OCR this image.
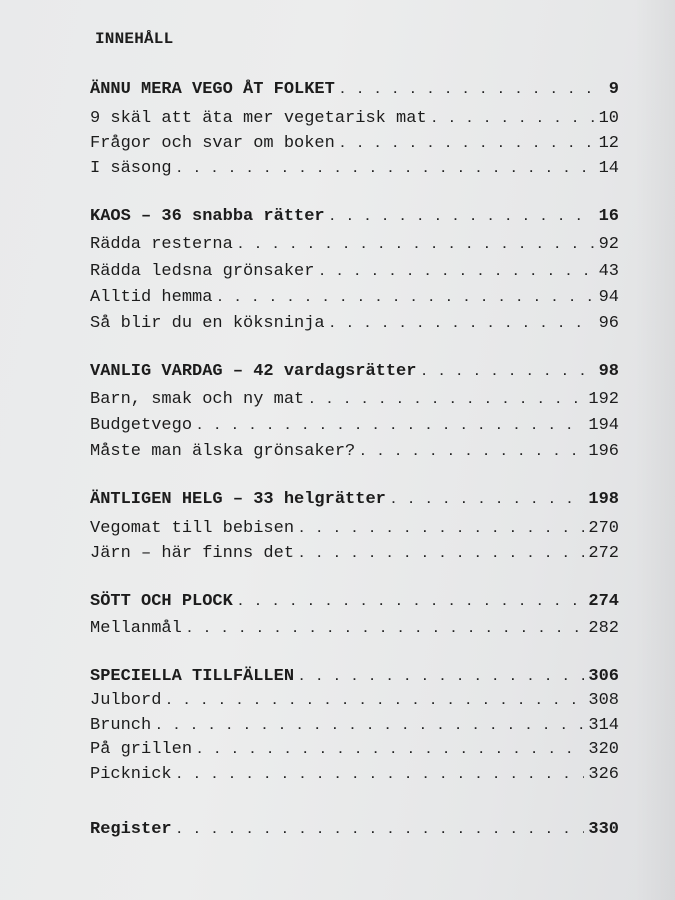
INNEHÅLL
ÄNNU MERA VEGO ÅT FOLKET . . .	9
9 skäl att äta mer vegetarisk mat . . .	10
Frågor och svar om boken . . .	12
I säsong . . .	14
KAOS – 36 snabba rätter . . .	16
Rädda resterna . . .	92
Rädda ledsna grönsaker . . .	43
Alltid hemma . . .	94
Så blir du en köksninja . . .	96
VANLIG VARDAG – 42 vardagsrätter . . .	98
Barn, smak och ny mat . . .	192
Budgetvego . . .	194
Måste man älska grönsaker? . . .	196
ÄNTLIGEN HELG – 33 helgrätter . . .	198
Vegomat till bebisen . . .	270
Järn – här finns det . . .	272
SÖTT OCH PLOCK . . .	274
Mellanmål . . .	282
SPECIELLA TILLFÄLLEN . . .	306
Julbord . . .	308
Brunch . . .	314
På grillen . . .	320
Picknick . . .	326
Register . . .	330
